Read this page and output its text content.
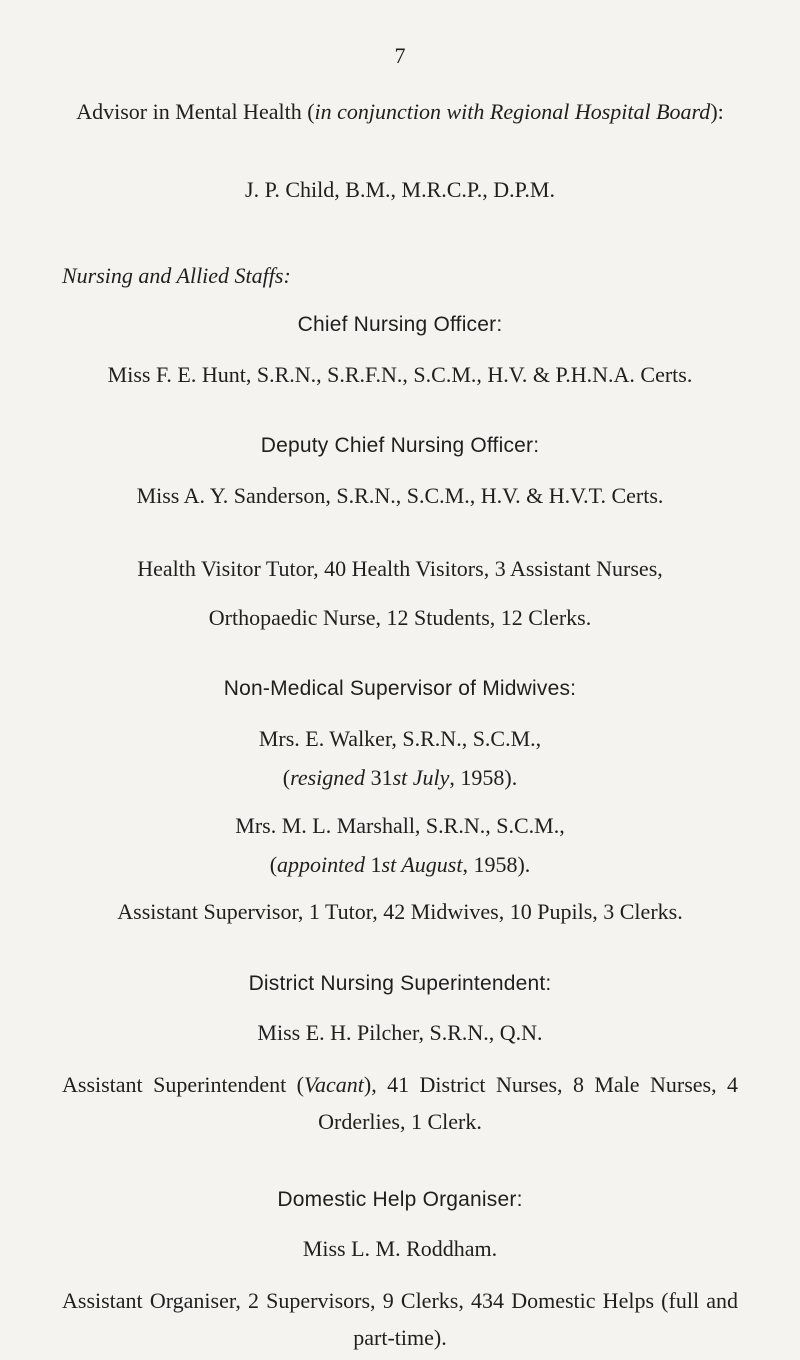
7

Advisor in Mental Health (in conjunction with Regional Hospital Board):

J. P. Child, B.M., M.R.C.P., D.P.M.

Nursing and Allied Staffs:

Chief Nursing Officer:

Miss F. E. Hunt, S.R.N., S.R.F.N., S.C.M., H.V. & P.H.N.A. Certs.

Deputy Chief Nursing Officer:

Miss A. Y. Sanderson, S.R.N., S.C.M., H.V. & H.V.T. Certs.

Health Visitor Tutor, 40 Health Visitors, 3 Assistant Nurses,

Orthopaedic Nurse, 12 Students, 12 Clerks.

Non-Medical Supervisor of Midwives:

Mrs. E. Walker, S.R.N., S.C.M.,

(resigned 31st July, 1958).

Mrs. M. L. Marshall, S.R.N., S.C.M.,

(appointed 1st August, 1958).

Assistant Supervisor, 1 Tutor, 42 Midwives, 10 Pupils, 3 Clerks.

District Nursing Superintendent:

Miss E. H. Pilcher, S.R.N., Q.N.

Assistant Superintendent (Vacant), 41 District Nurses, 8 Male Nurses, 4 Orderlies, 1 Clerk.

Domestic Help Organiser:

Miss L. M. Roddham.

Assistant Organiser, 2 Supervisors, 9 Clerks, 434 Domestic Helps (full and part-time).
